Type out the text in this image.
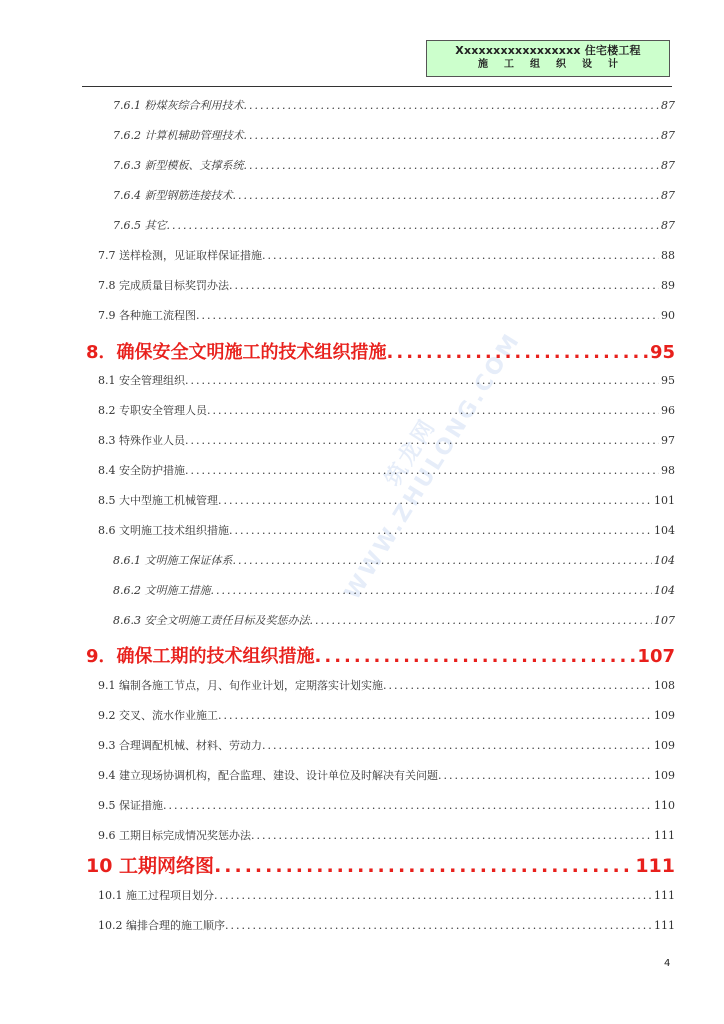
Xxxxxxxxxxxxxxxxx 住宅楼工程
施工组织设计
筑龙网 WWW.ZHULONG.COM
7.6.1 粉煤灰综合利用技术 .....	87
7.6.2 计算机辅助管理技术 .....	87
7.6.3 新型模板、支撑系统 .....	87
7.6.4 新型钢筋连接技术 .....	87
7.6.5 其它 .....	87
7.7 送样检测，见证取样保证措施 .....	88
7.8 完成质量目标奖罚办法 .....	89
7.9 各种施工流程图 .....	90
8．确保安全文明施工的技术组织措施 .....	95
8.1 安全管理组织 .....	95
8.2 专职安全管理人员 .....	96
8.3 特殊作业人员 .....	97
8.4 安全防护措施 .....	98
8.5 大中型施工机械管理 .....	101
8.6 文明施工技术组织措施 .....	104
8.6.1 文明施工保证体系 .....	104
8.6.2 文明施工措施 .....	104
8.6.3 安全文明施工责任目标及奖惩办法 .....	107
9．确保工期的技术组织措施 .....	107
9.1 编制各施工节点，月、旬作业计划，定期落实计划实施 .....	108
9.2 交叉、流水作业施工 .....	109
9.3 合理调配机械、材料、劳动力 .....	109
9.4 建立现场协调机构，配合监理、建设、设计单位及时解决有关问题 .....	109
9.5 保证措施 .....	110
9.6 工期目标完成情况奖惩办法 .....	111
10 工期网络图 .....	111
10.1 施工过程项目划分 .....	111
10.2 编排合理的施工顺序 .....	111
4
